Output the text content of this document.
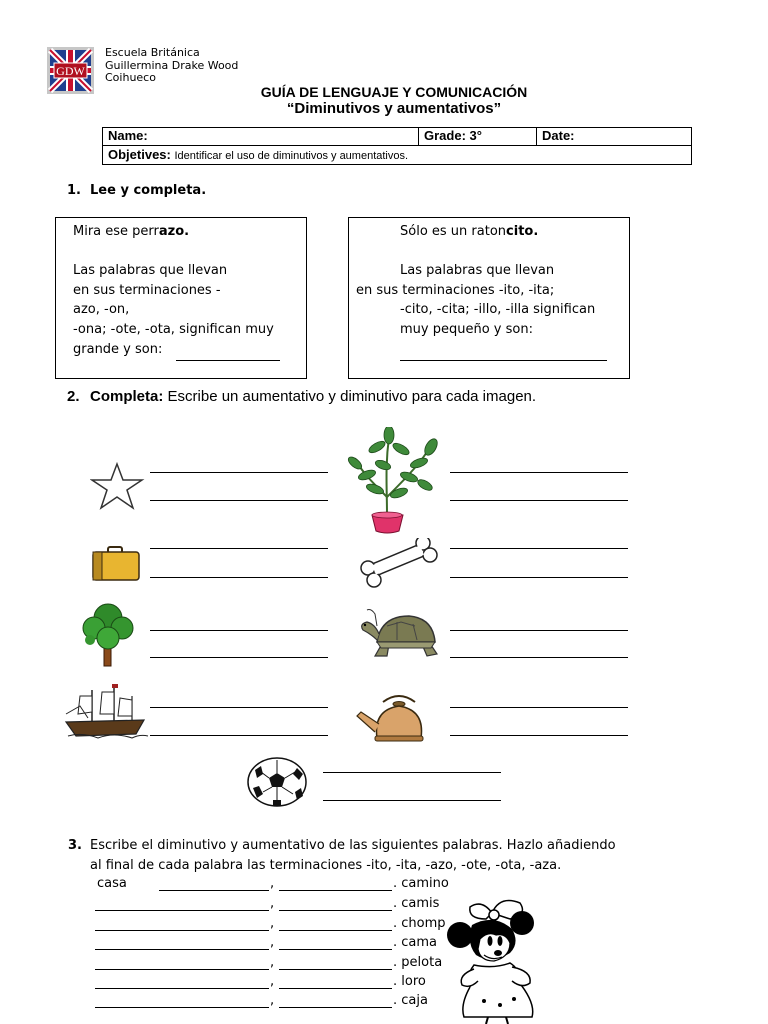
GDW
Escuela Británica
Guillermina Drake Wood
Coihueco
GUÍA DE LENGUAJE Y COMUNICACIÓN
“Diminutivos y aumentativos”
Name:	Grade: 3°	Date:
Objetives: Identificar el uso de diminutivos y aumentativos.
1. Lee y completa.
Mira ese perrazo.
Las palabras que llevan
en sus terminaciones -
azo, -on,
-ona; -ote, -ota, significan muy
grande y son:
Sólo es un ratoncito.
Las palabras que llevan
en sus terminaciones -ito, -ita;
-cito, -cita; -illo, -illa significan
muy pequeño y son:
2. Completa: Escribe un aumentativo y diminutivo para cada imagen.
3. Escribe el diminutivo y aumentativo de las siguientes palabras. Hazlo añadiendo
al final de cada palabra las terminaciones -ito, -ita, -azo, -ote, -ota, -aza.
casa	,	. camino
,	. camis
,	. chomp
,	. cama
,	. pelota
,	. loro
,	. caja
